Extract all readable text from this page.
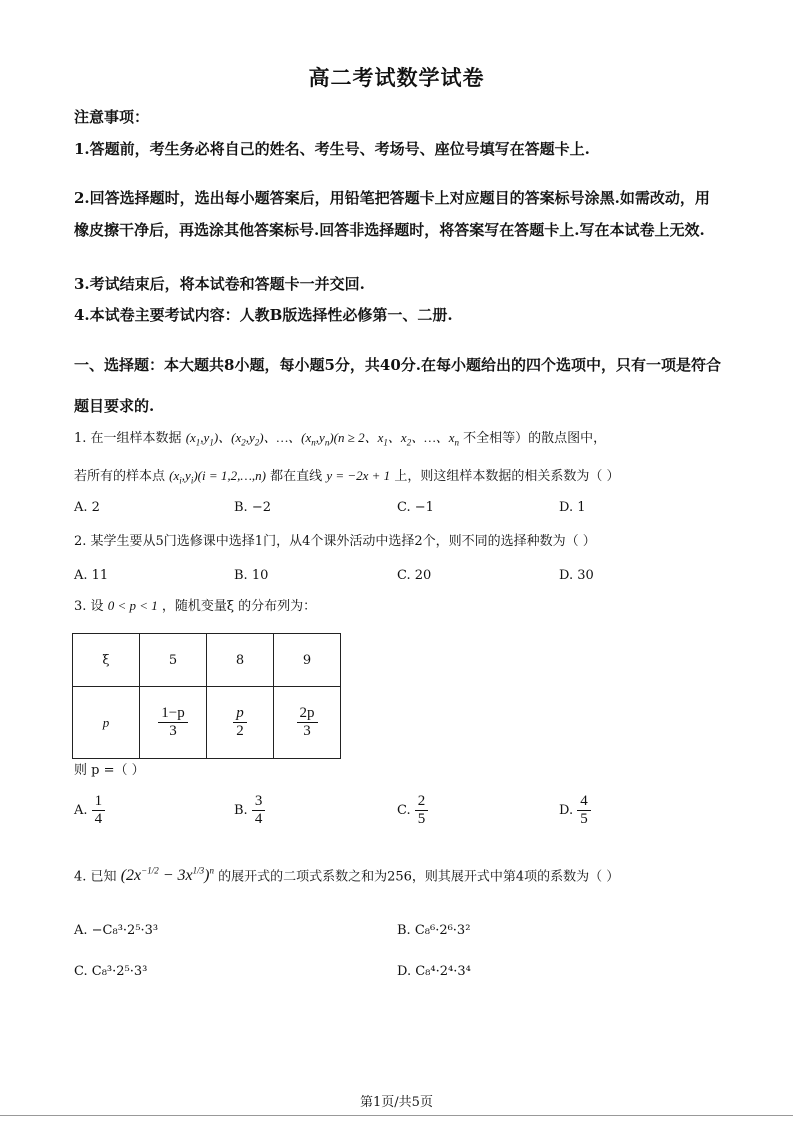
高二考试数学试卷
注意事项：
1.答题前，考生务必将自己的姓名、考生号、考场号、座位号填写在答题卡上.
2.回答选择题时，选出每小题答案后，用铅笔把答题卡上对应题目的答案标号涂黑.如需改动，用橡皮擦干净后，再选涂其他答案标号.回答非选择题时，将答案写在答题卡上.写在本试卷上无效.
3.考试结束后，将本试卷和答题卡一并交回.
4.本试卷主要考试内容：人教B版选择性必修第一、二册.
一、选择题：本大题共8小题，每小题5分，共40分.在每小题给出的四个选项中，只有一项是符合题目要求的.
1. 在一组样本数据 $(x_1,y_1)$、$(x_2,y_2)$、…、$(x_n,y_n)(n \ge 2$、$x_1$、$x_2$、…、$x_n$ 不全相等）的散点图中，
若所有的样本点 $(x_i,y_i)(i$ = 1,2,…,n) 都在直线 y = −2x + 1 上，则这组样本数据的相关系数为（ ）
A. 2	B. −2	C. −1	D. 1
2. 某学生要从5门选修课中选择1门，从4个课外活动中选择2个，则不同的选择种数为（ ）
A. 11	B. 10	C. 20	D. 30
3. 设 0 < p < 1 ，随机变量ξ 的分布列为：
ξ	5	8	9
p	$\frac{1-p}{3}$	$\frac{p}{2}$	$\frac{2p}{3}$
则 p =（ ）
A. $\frac{1}{4}$	B. $\frac{3}{4}$	C. $\frac{2}{5}$	D. $\frac{4}{5}$
4. 已知 $(2x^{-1/2} - 3x^{1/3})^n$ 的展开式的二项式系数之和为256，则其展开式中第4项的系数为（ ）
A. −C₈³·2⁵·3³	B. C₈⁶·2⁶·3²
C. C₈³·2⁵·3³	D. C₈⁴·2⁴·3⁴
第1页/共5页
